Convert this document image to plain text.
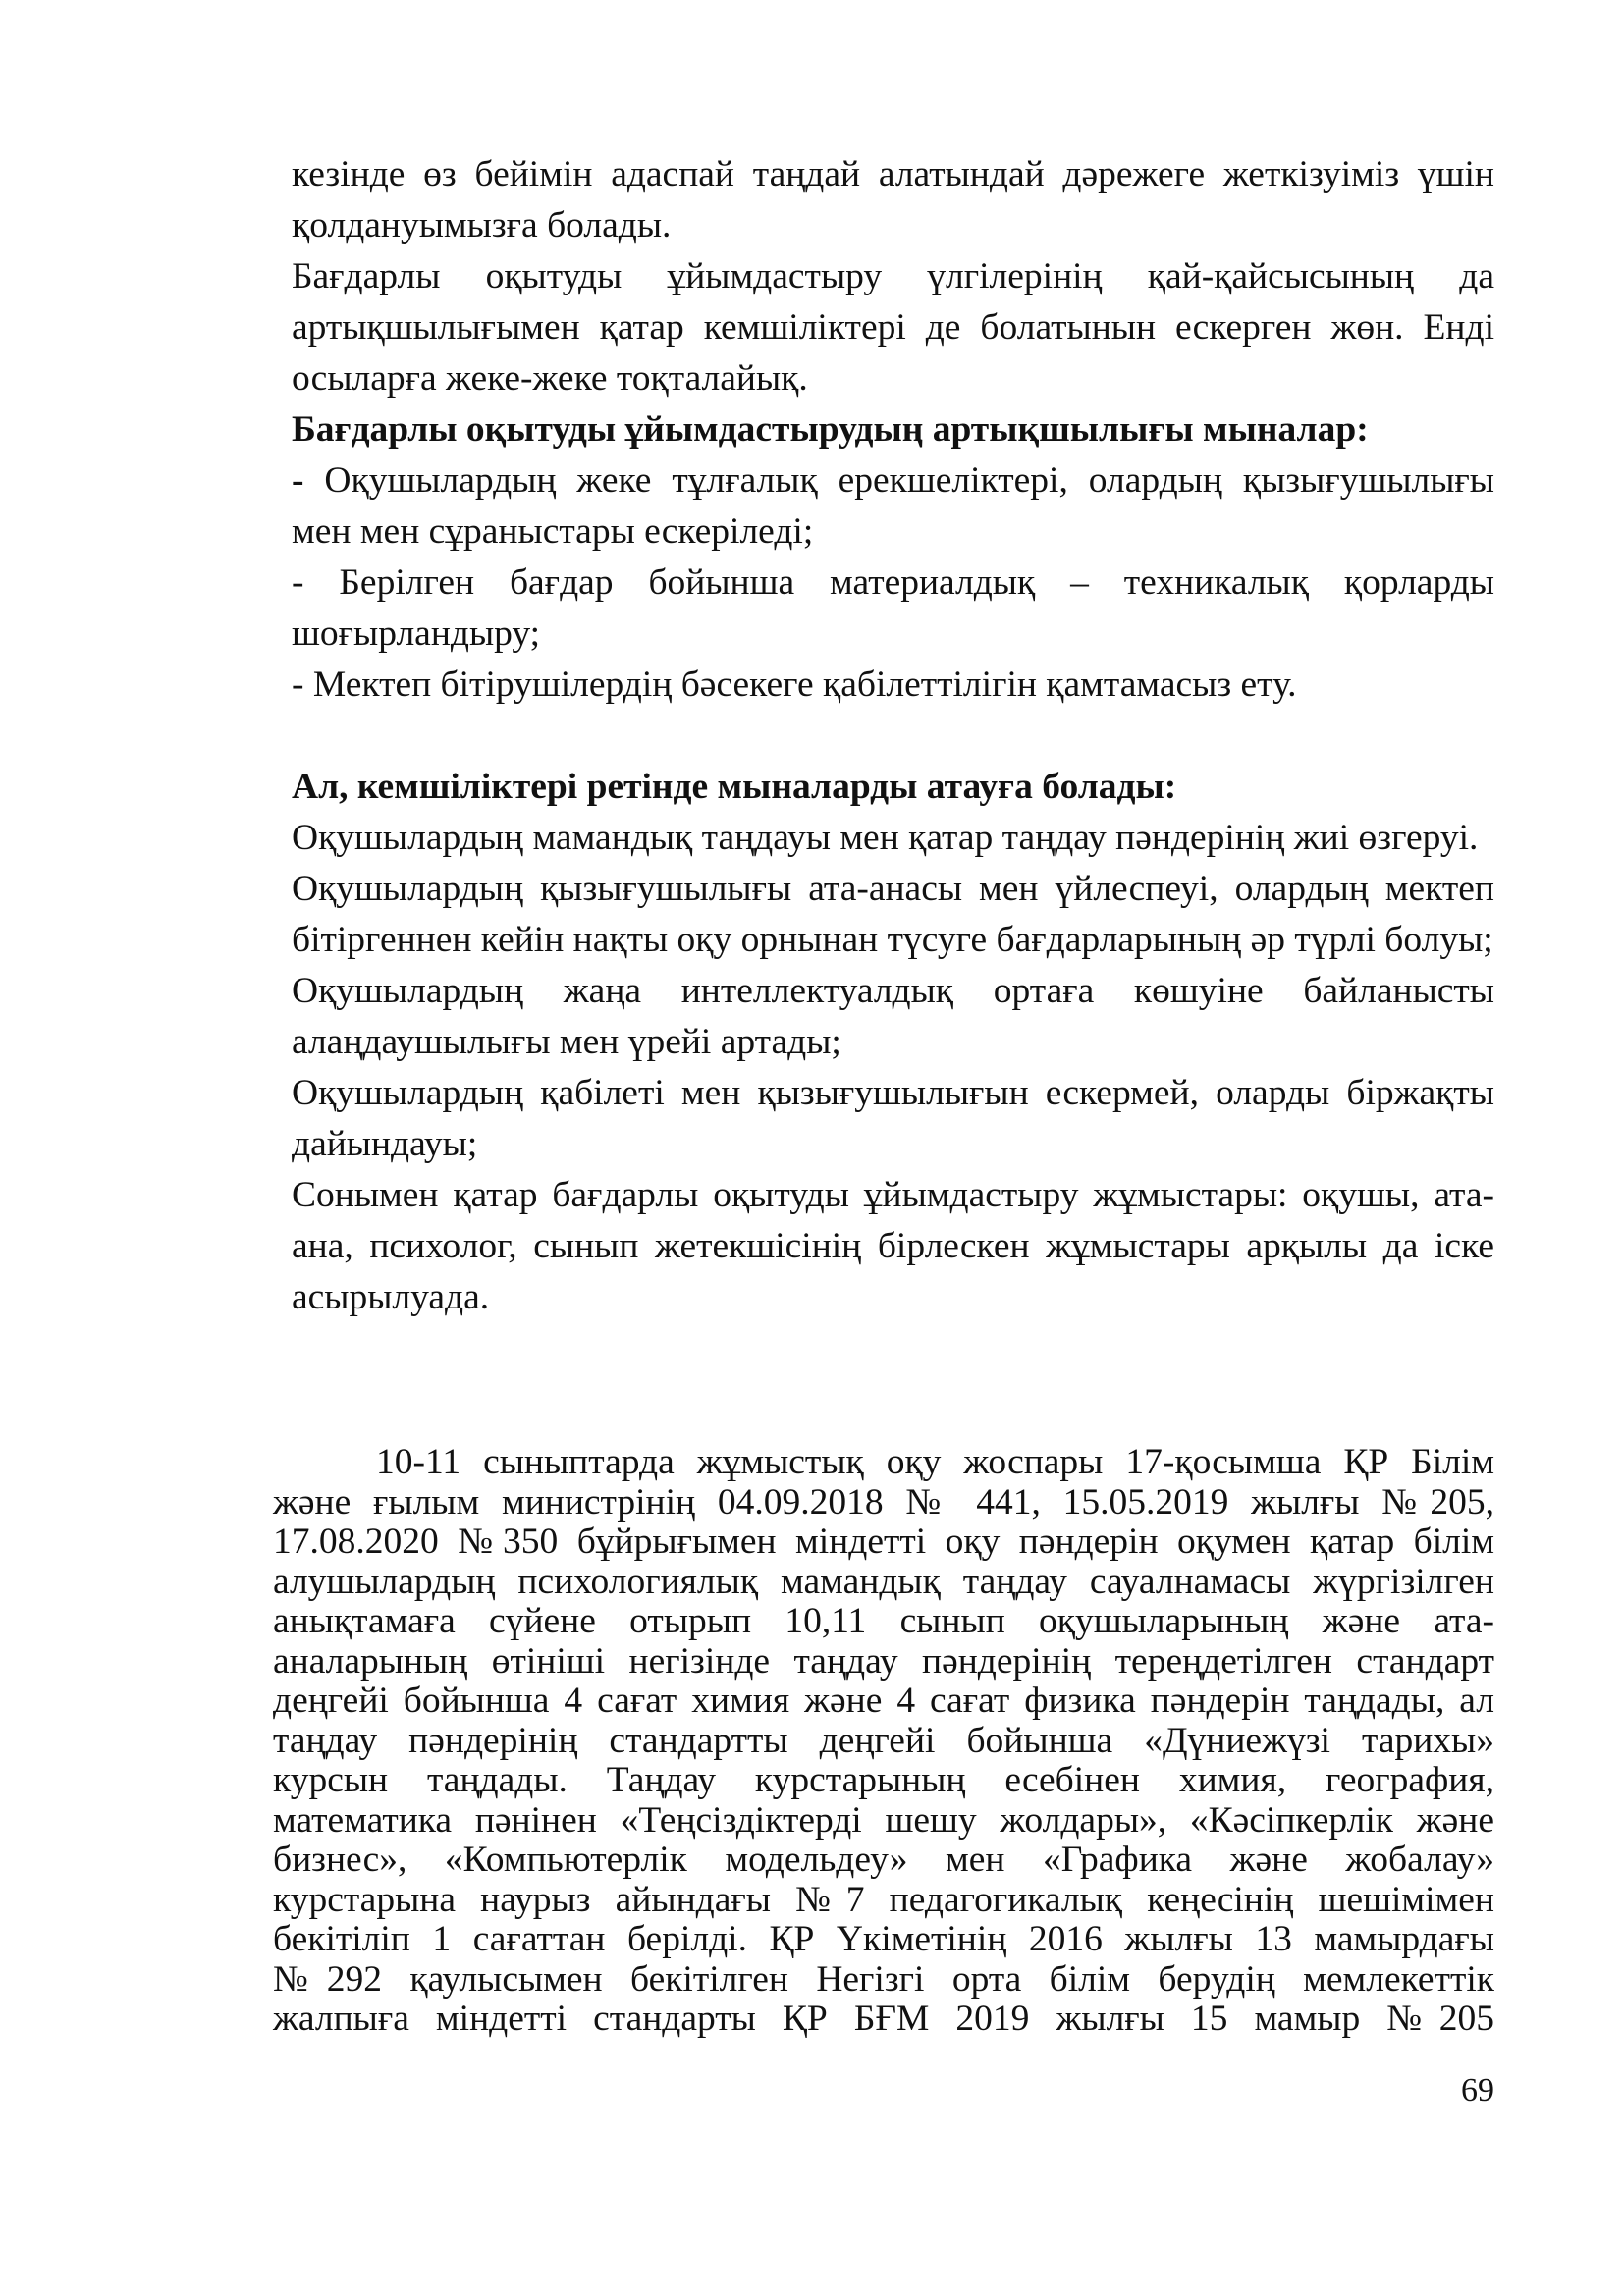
кезінде өз бейімін адаспай таңдай алатындай дәрежеге жеткізуіміз үшін қолдануымызға болады.

Бағдарлы оқытуды ұйымдастыру үлгілерінің қай-қайсысының да артықшылығымен қатар кемшіліктері де болатынын ескерген жөн. Енді осыларға жеке-жеке тоқталайық.

Бағдарлы оқытуды ұйымдастырудың артықшылығы мыналар:

- Оқушылардың жеке тұлғалық ерекшеліктері, олардың қызығушылығы мен мен сұраныстары ескеріледі;

- Берілген бағдар бойынша материалдық – техникалық қорларды шоғырландыру;

- Мектеп бітірушілердің бәсекеге қабілеттілігін қамтамасыз ету.

Ал, кемшіліктері ретінде мыналарды атауға болады:

Оқушылардың мамандық таңдауы мен қатар таңдау пәндерінің жиі өзгеруі.

Оқушылардың қызығушылығы ата-анасы мен үйлеспеуі, олардың мектеп бітіргеннен кейін нақты оқу орнынан түсуге бағдарларының әр түрлі болуы;

Оқушылардың жаңа интеллектуалдық ортаға көшуіне байланысты алаңдаушылығы мен үрейі артады;

Оқушылардың қабілеті мен қызығушылығын ескермей, оларды біржақты дайындауы;

Сонымен қатар бағдарлы оқытуды ұйымдастыру жұмыстары: оқушы, ата-ана, психолог, сынып жетекшісінің бірлескен жұмыстары арқылы да іске асырылуада.

10-11 сыныптарда жұмыстық оқу жоспары 17-қосымша ҚР Білім

және ғылым министрінің 04.09.2018 № 441, 15.05.2019 жылғы №205,

17.08.2020 №350 бұйрығымен міндетті оқу пәндерін оқумен қатар білім

алушылардың психологиялық мамандық таңдау сауалнамасы жүргізілген

анықтамаға сүйене отырып 10,11 сынып оқушыларының және ата-

аналарының өтініші негізінде таңдау пәндерінің тереңдетілген стандарт

деңгейі бойынша 4 сағат химия және 4 сағат физика пәндерін таңдады, ал

таңдау пәндерінің стандартты деңгейі бойынша «Дүниежүзі тарихы»

курсын таңдады. Таңдау курстарының есебінен химия, география,

математика пәнінен «Теңсіздіктерді шешу жолдары», «Кәсіпкерлік және

бизнес», «Компьютерлік модельдеу» мен «Графика және жобалау»

курстарына наурыз айындағы №7 педагогикалық кеңесінің шешімімен

бекітіліп 1 сағаттан берілді. ҚР Үкіметінің 2016 жылғы 13 мамырдағы

№292 қаулысымен бекітілген Негізгі орта білім берудің мемлекеттік

жалпыға міндетті стандарты ҚР БҒМ 2019 жылғы 15 мамыр №205

69
